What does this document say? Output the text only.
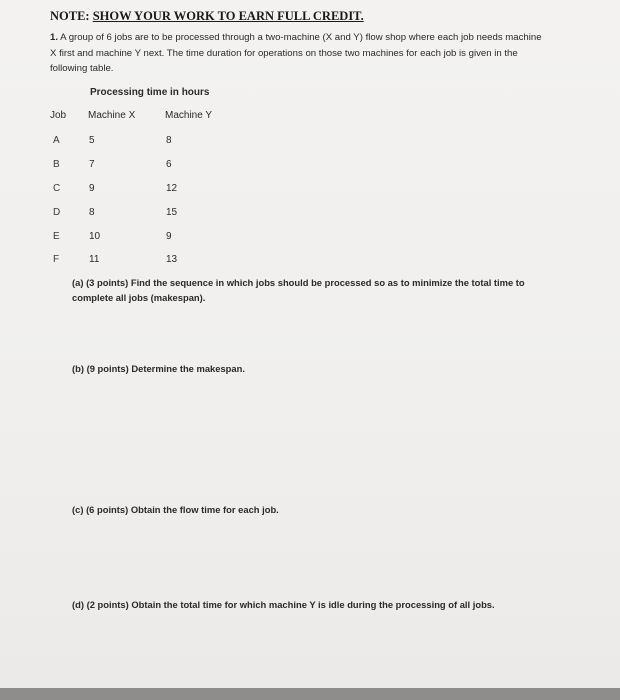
NOTE: SHOW YOUR WORK TO EARN FULL CREDIT.
1. A group of 6 jobs are to be processed through a two-machine (X and Y) flow shop where each job needs machine X first and machine Y next. The time duration for operations on those two machines for each job is given in the following table.
Processing time in hours
Job Machine X	Machine Y
A	5	8
B	7	6
C	9	12
D	8	15
E	10	9
F	11	13
(a) (3 points) Find the sequence in which jobs should be processed so as to minimize the total time to complete all jobs (makespan).
(b) (9 points) Determine the makespan.
(c) (6 points) Obtain the flow time for each job.
(d) (2 points) Obtain the total time for which machine Y is idle during the processing of all jobs.
